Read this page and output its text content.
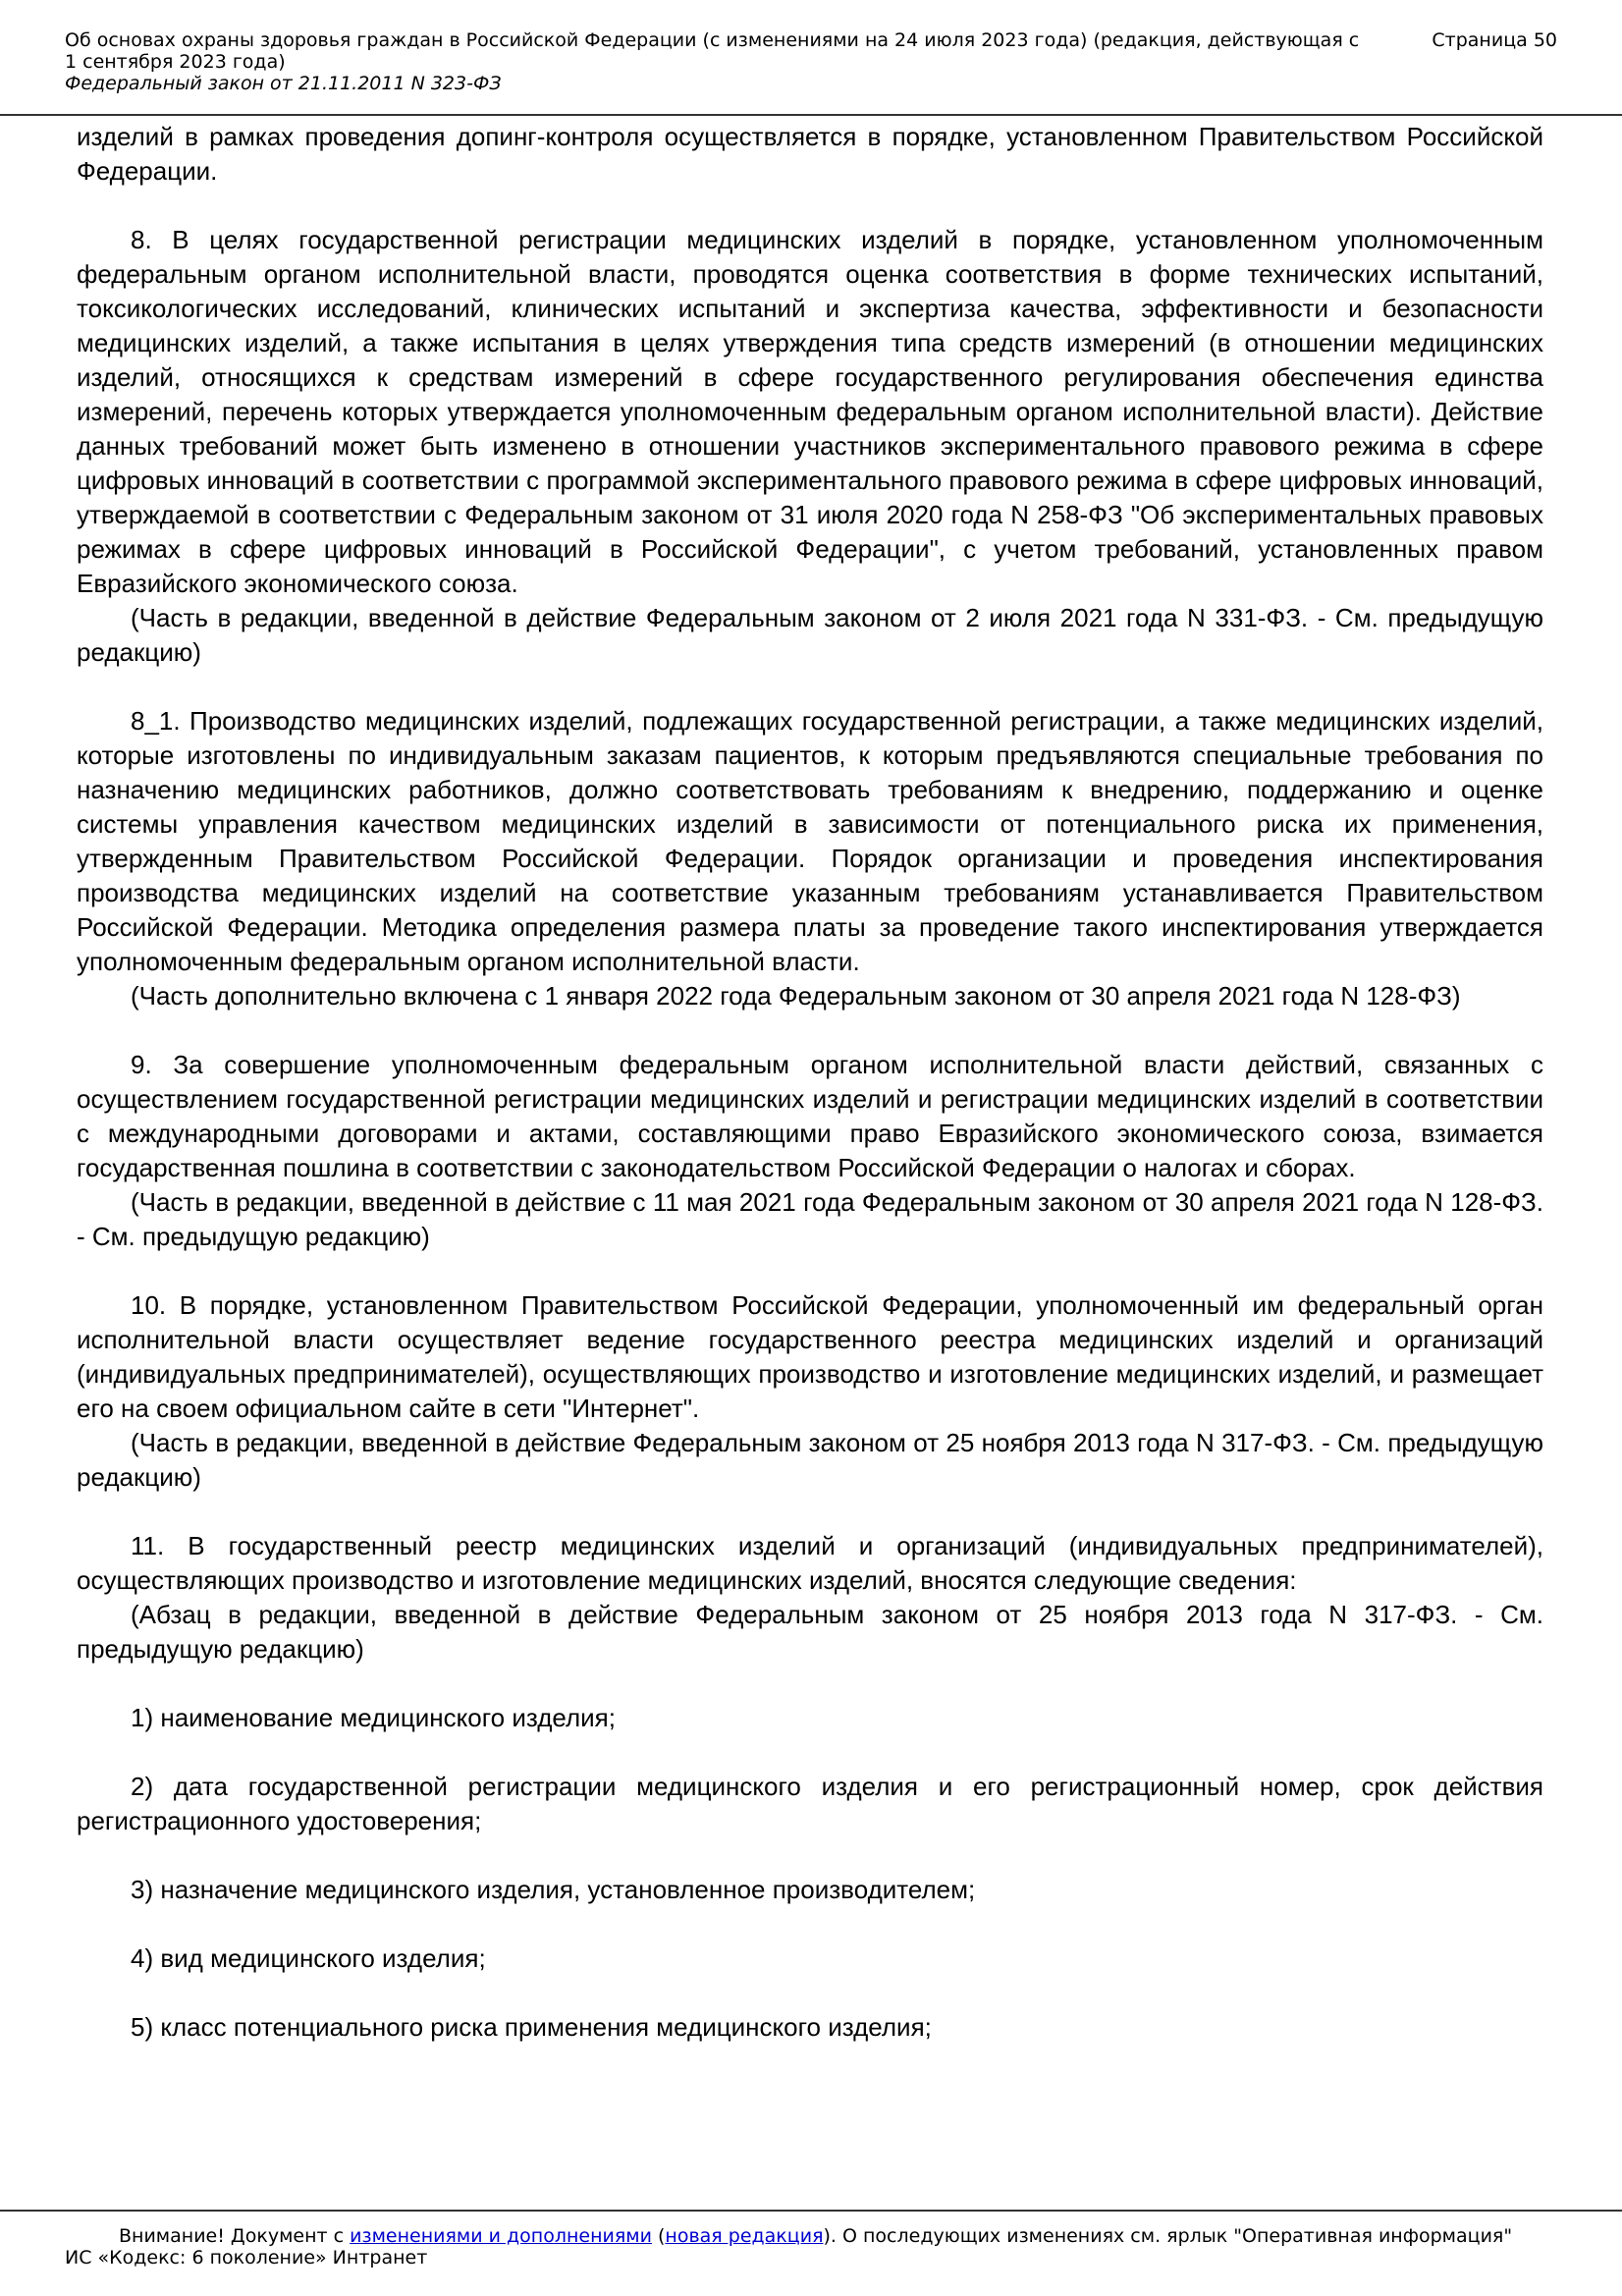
Об основах охраны здоровья граждан в Российской Федерации (с изменениями на 24 июля 2023 года) (редакция, действующая с 1 сентября 2023 года)
Страница 50
Федеральный закон от 21.11.2011 N 323-ФЗ

изделий в рамках проведения допинг-контроля осуществляется в порядке, установленном Правительством Российской Федерации.

8. В целях государственной регистрации медицинских изделий в порядке, установленном уполномоченным федеральным органом исполнительной власти, проводятся оценка соответствия в форме технических испытаний, токсикологических исследований, клинических испытаний и экспертиза качества, эффективности и безопасности медицинских изделий, а также испытания в целях утверждения типа средств измерений (в отношении медицинских изделий, относящихся к средствам измерений в сфере государственного регулирования обеспечения единства измерений, перечень которых утверждается уполномоченным федеральным органом исполнительной власти). Действие данных требований может быть изменено в отношении участников экспериментального правового режима в сфере цифровых инноваций в соответствии с программой экспериментального правового режима в сфере цифровых инноваций, утверждаемой в соответствии с Федеральным законом от 31 июля 2020 года N 258-ФЗ "Об экспериментальных правовых режимах в сфере цифровых инноваций в Российской Федерации", с учетом требований, установленных правом Евразийского экономического союза.

(Часть в редакции, введенной в действие Федеральным законом от 2 июля 2021 года N 331-ФЗ. - См. предыдущую редакцию)

8_1. Производство медицинских изделий, подлежащих государственной регистрации, а также медицинских изделий, которые изготовлены по индивидуальным заказам пациентов, к которым предъявляются специальные требования по назначению медицинских работников, должно соответствовать требованиям к внедрению, поддержанию и оценке системы управления качеством медицинских изделий в зависимости от потенциального риска их применения, утвержденным Правительством Российской Федерации. Порядок организации и проведения инспектирования производства медицинских изделий на соответствие указанным требованиям устанавливается Правительством Российской Федерации. Методика определения размера платы за проведение такого инспектирования утверждается уполномоченным федеральным органом исполнительной власти.

(Часть дополнительно включена с 1 января 2022 года Федеральным законом от 30 апреля 2021 года N 128-ФЗ)

9. За совершение уполномоченным федеральным органом исполнительной власти действий, связанных с осуществлением государственной регистрации медицинских изделий и регистрации медицинских изделий в соответствии с международными договорами и актами, составляющими право Евразийского экономического союза, взимается государственная пошлина в соответствии с законодательством Российской Федерации о налогах и сборах.

(Часть в редакции, введенной в действие с 11 мая 2021 года Федеральным законом от 30 апреля 2021 года N 128-ФЗ. - См. предыдущую редакцию)

10. В порядке, установленном Правительством Российской Федерации, уполномоченный им федеральный орган исполнительной власти осуществляет ведение государственного реестра медицинских изделий и организаций (индивидуальных предпринимателей), осуществляющих производство и изготовление медицинских изделий, и размещает его на своем официальном сайте в сети "Интернет".

(Часть в редакции, введенной в действие Федеральным законом от 25 ноября 2013 года N 317-ФЗ. - См. предыдущую редакцию)

11. В государственный реестр медицинских изделий и организаций (индивидуальных предпринимателей), осуществляющих производство и изготовление медицинских изделий, вносятся следующие сведения:

(Абзац в редакции, введенной в действие Федеральным законом от 25 ноября 2013 года N 317-ФЗ. - См. предыдущую редакцию)

1) наименование медицинского изделия;

2) дата государственной регистрации медицинского изделия и его регистрационный номер, срок действия регистрационного удостоверения;

3) назначение медицинского изделия, установленное производителем;

4) вид медицинского изделия;

5) класс потенциального риска применения медицинского изделия;

Внимание! Документ с изменениями и дополнениями (новая редакция). О последующих изменениях см. ярлык "Оперативная информация"
ИС «Кодекс: 6 поколение» Интранет
